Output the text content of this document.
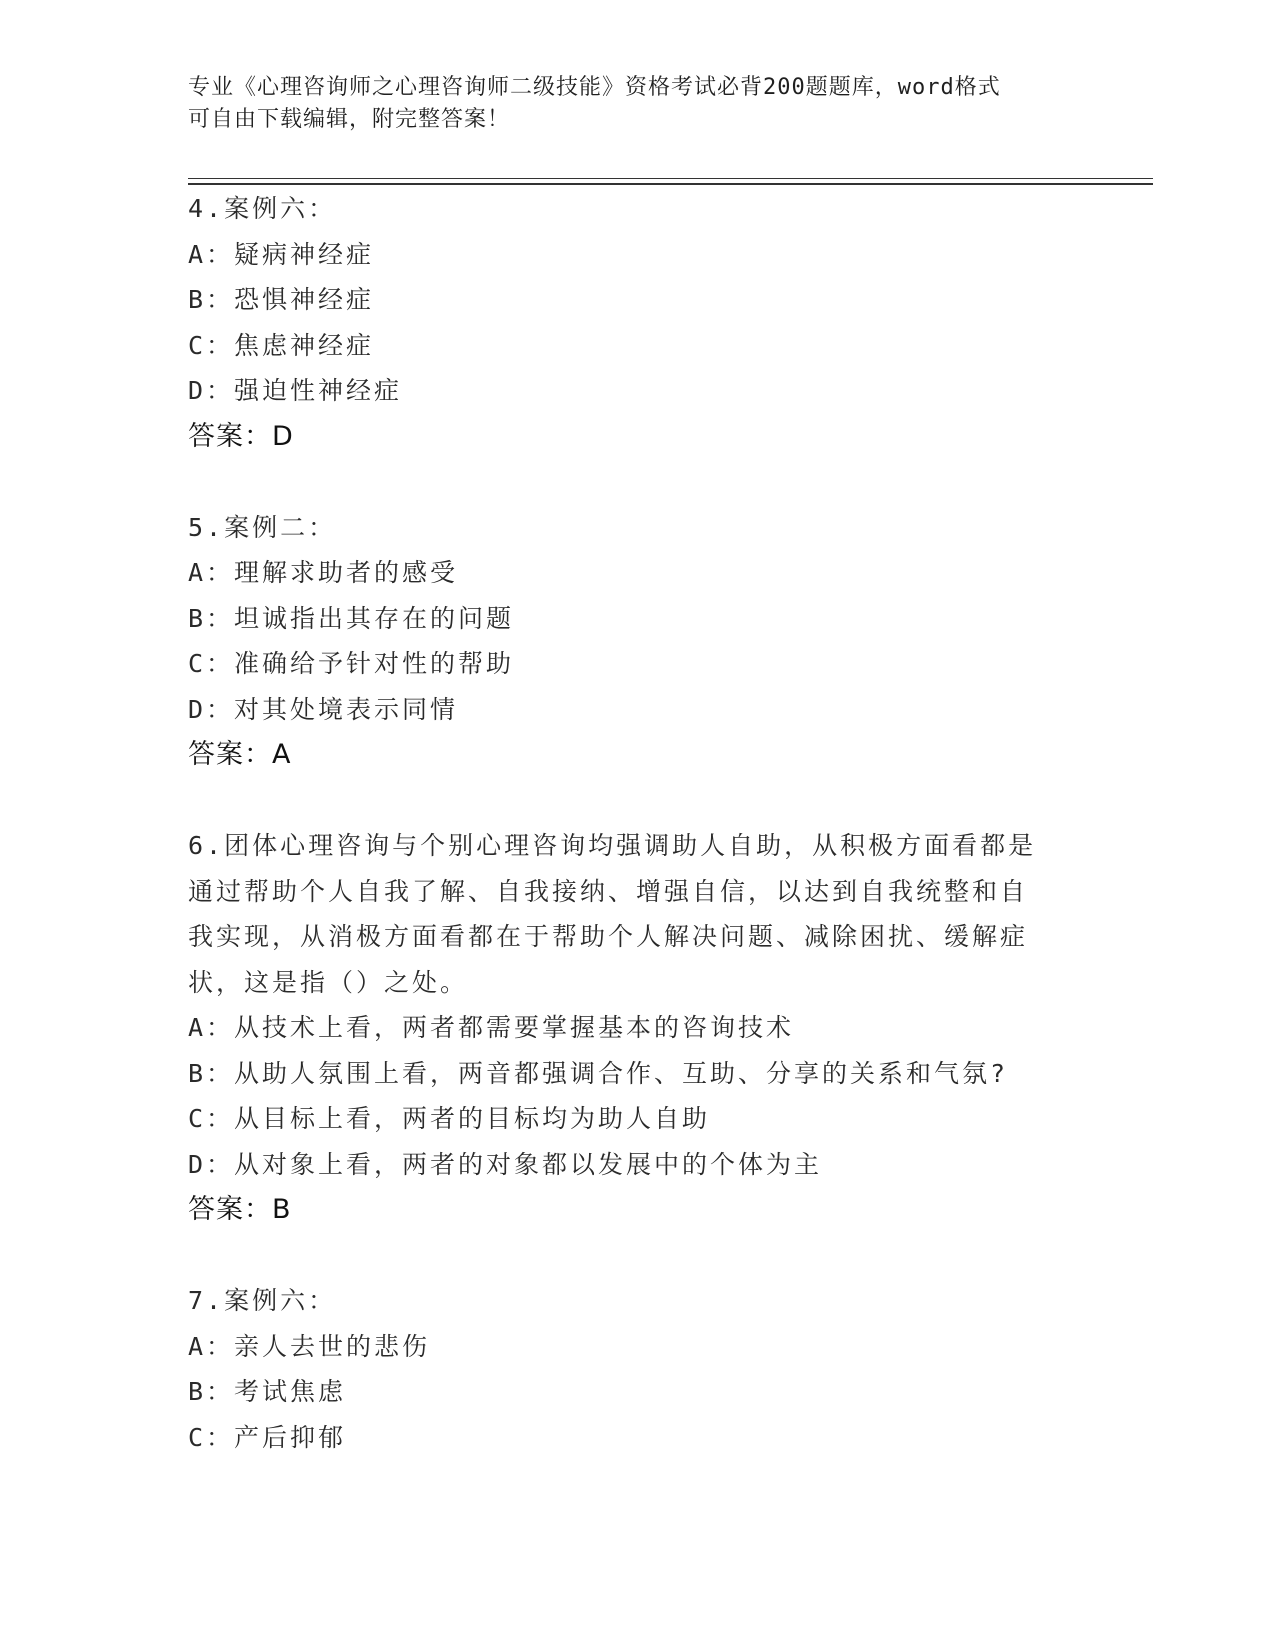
专业《心理咨询师之心理咨询师二级技能》资格考试必背200题题库，word格式
可自由下载编辑，附完整答案！
4.案例六：
A：疑病神经症
B：恐惧神经症
C：焦虑神经症
D：强迫性神经症
答案：D
5.案例二：
A：理解求助者的感受
B：坦诚指出其存在的问题
C：准确给予针对性的帮助
D：对其处境表示同情
答案：A
6.团体心理咨询与个别心理咨询均强调助人自助，从积极方面看都是通过帮助个人自我了解、自我接纳、增强自信，以达到自我统整和自我实现，从消极方面看都在于帮助个人解决问题、减除困扰、缓解症状，这是指（）之处。
A：从技术上看，两者都需要掌握基本的咨询技术
B：从助人氛围上看，两音都强调合作、互助、分享的关系和气氛?
C：从目标上看，两者的目标均为助人自助
D：从对象上看，两者的对象都以发展中的个体为主
答案：B
7.案例六：
A：亲人去世的悲伤
B：考试焦虑
C：产后抑郁
